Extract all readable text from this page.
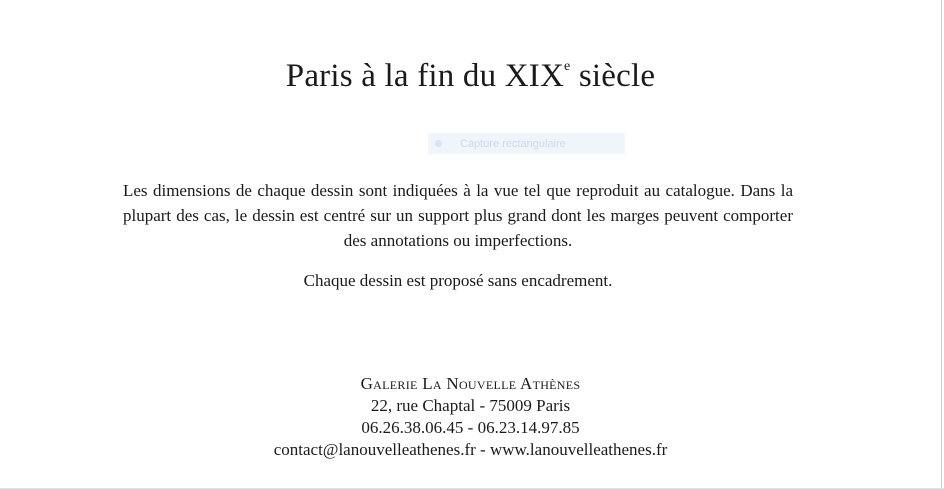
Paris à la fin du XIXe siècle
Capture rectangulaire
Les dimensions de chaque dessin sont indiquées à la vue tel que reproduit au catalogue. Dans la plupart des cas, le dessin est centré sur un support plus grand dont les marges peuvent comporter des annotations ou imperfections.
Chaque dessin est proposé sans encadrement.
Galerie La Nouvelle Athènes
22, rue Chaptal - 75009 Paris
06.26.38.06.45 - 06.23.14.97.85
contact@lanouvelleathenes.fr - www.lanouvelleathenes.fr
